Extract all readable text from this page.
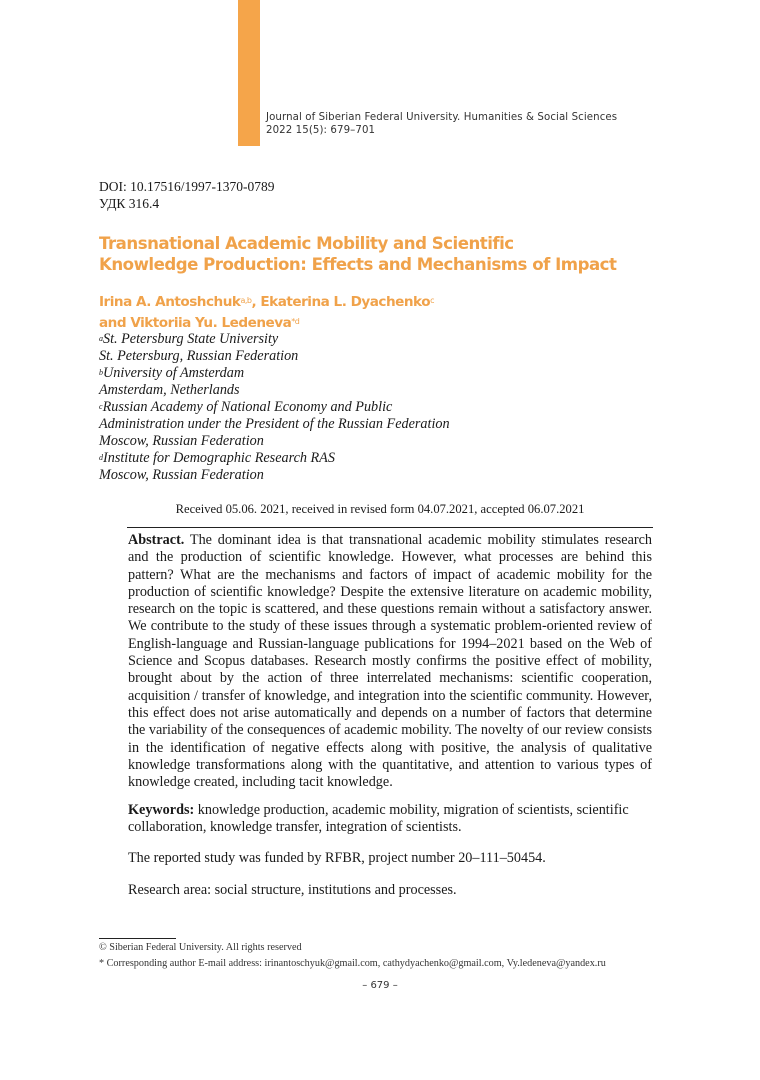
Journal of Siberian Federal University. Humanities & Social Sciences
2022 15(5): 679–701
DOI: 10.17516/1997-1370-0789
УДК 316.4
Transnational Academic Mobility and Scientific
Knowledge Production: Effects and Mechanisms of Impact
Irina A. Antoshchuk$^{a,b}$, Ekaterina L. Dyachenko$^c$
and Viktoriia Yu. Ledeneva$^{*d}$
$^a$St. Petersburg State University
St. Petersburg, Russian Federation
$^b$University of Amsterdam
Amsterdam, Netherlands
$^c$Russian Academy of National Economy and Public
Administration under the President of the Russian Federation
Moscow, Russian Federation
$^d$Institute for Demographic Research RAS
Moscow, Russian Federation
Received 05.06. 2021, received in revised form 04.07.2021, accepted 06.07.2021
Abstract. The dominant idea is that transnational academic mobility stimulates research and the production of scientific knowledge. However, what processes are behind this pattern? What are the mechanisms and factors of impact of academic mobility for the production of scientific knowledge? Despite the extensive literature on academic mobility, research on the topic is scattered, and these questions remain without a satisfactory answer. We contribute to the study of these issues through a systematic problem-oriented review of English-language and Russian-language publications for 1994–2021 based on the Web of Science and Scopus databases. Research mostly confirms the positive effect of mobility, brought about by the action of three interrelated mechanisms: scientific cooperation, acquisition / transfer of knowledge, and integration into the scientific community. However, this effect does not arise automatically and depends on a number of factors that determine the variability of the consequences of academic mobility. The novelty of our review consists in the identification of negative effects along with positive, the analysis of qualitative knowledge transformations along with the quantitative, and attention to various types of knowledge created, including tacit knowledge.
Keywords: knowledge production, academic mobility, migration of scientists, scientific collaboration, knowledge transfer, integration of scientists.
The reported study was funded by RFBR, project number 20–111–50454.
Research area: social structure, institutions and processes.
© Siberian Federal University. All rights reserved
* Corresponding author E-mail address: irinantoschyuk@gmail.com, cathydyachenko@gmail.com, Vy.ledeneva@yandex.ru
– 679 –
